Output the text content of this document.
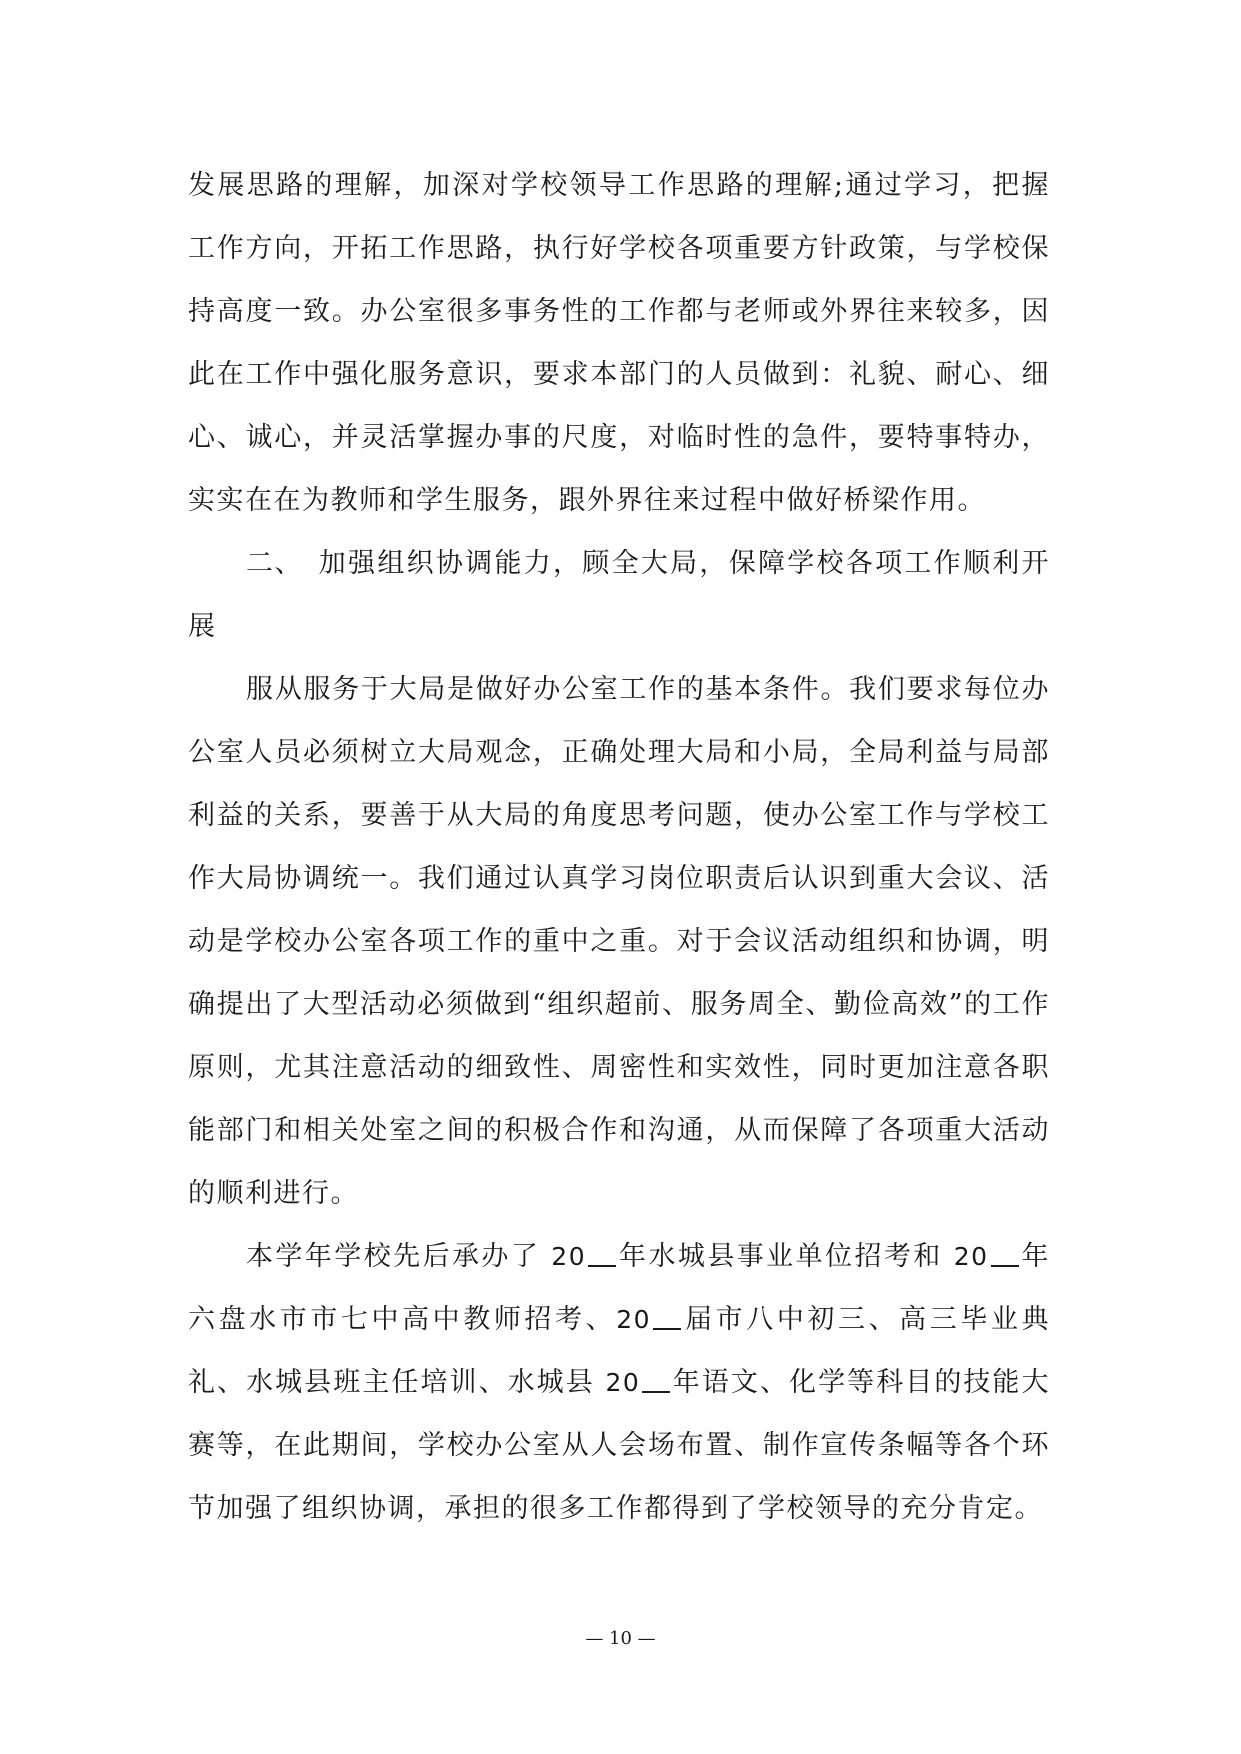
发展思路的理解，加深对学校领导工作思路的理解;通过学习，把握工作方向，开拓工作思路，执行好学校各项重要方针政策，与学校保持高度一致。办公室很多事务性的工作都与老师或外界往来较多，因此在工作中强化服务意识，要求本部门的人员做到：礼貌、耐心、细心、诚心，并灵活掌握办事的尺度，对临时性的急件，要特事特办，实实在在为教师和学生服务，跟外界往来过程中做好桥梁作用。

二、 加强组织协调能力，顾全大局，保障学校各项工作顺利开展

服从服务于大局是做好办公室工作的基本条件。我们要求每位办公室人员必须树立大局观念，正确处理大局和小局，全局利益与局部利益的关系，要善于从大局的角度思考问题，使办公室工作与学校工作大局协调统一。我们通过认真学习岗位职责后认识到重大会议、活动是学校办公室各项工作的重中之重。对于会议活动组织和协调，明确提出了大型活动必须做到“组织超前、服务周全、勤俭高效”的工作原则，尤其注意活动的细致性、周密性和实效性，同时更加注意各职能部门和相关处室之间的积极合作和沟通，从而保障了各项重大活动的顺利进行。

本学年学校先后承办了 20 年水城县事业单位招考和 20 年六盘水市市七中高中教师招考、20 届市八中初三、高三毕业典礼、水城县班主任培训、水城县 20 年语文、化学等科目的技能大赛等，在此期间，学校办公室从人会场布置、制作宣传条幅等各个环节加强了组织协调，承担的很多工作都得到了学校领导的充分肯定。

— 10 —
